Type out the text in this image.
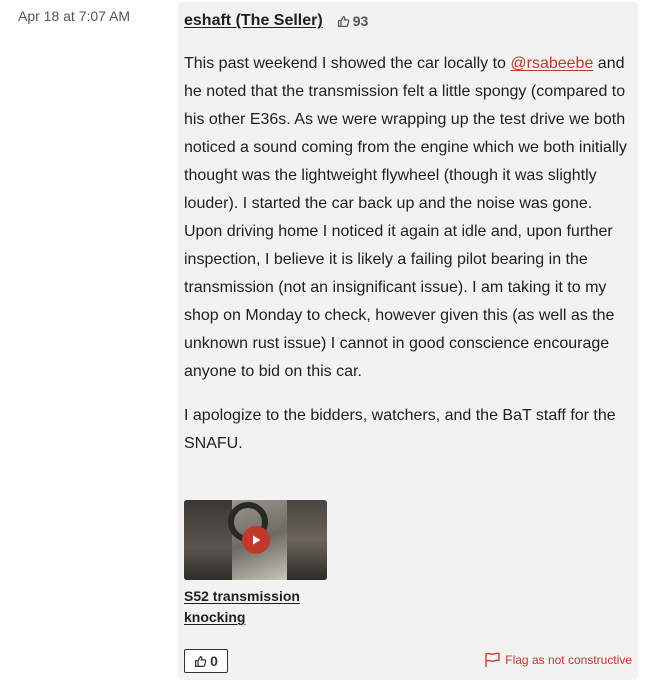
Apr 18 at 7:07 AM	eshaft (The Seller) 93

This past weekend I showed the car locally to @rsabeebe and he noted that the transmission felt a little spongy (compared to his other E36s. As we were wrapping up the test drive we both noticed a sound coming from the engine which we both initially thought was the lightweight flywheel (though it was slightly louder). I started the car back up and the noise was gone. Upon driving home I noticed it again at idle and, upon further inspection, I believe it is likely a failing pilot bearing in the transmission (not an insignificant issue). I am taking it to my shop on Monday to check, however given this (as well as the unknown rust issue) I cannot in good conscience encourage anyone to bid on this car.

I apologize to the bidders, watchers, and the BaT staff for the SNAFU.

S52 transmission knocking
0	Flag as not constructive
